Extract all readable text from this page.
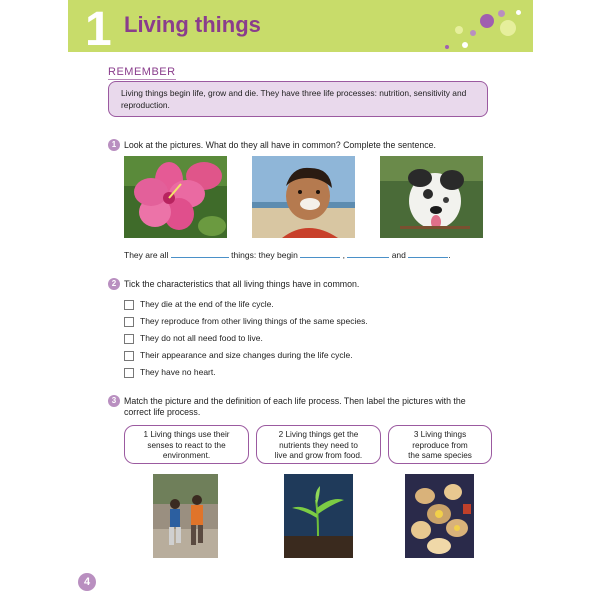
1 Living things
REMEMBER
Living things begin life, grow and die. They have three life processes: nutrition, sensitivity and reproduction.
1 Look at the pictures. What do they all have in common? Complete the sentence.
They are all	things: they begin	,	and	.
2 Tick the characteristics that all living things have in common.
They die at the end of the life cycle.
They reproduce from other living things of the same species.
They do not all need food to live.
Their appearance and size changes during the life cycle.
They have no heart.
3 Match the picture and the definition of each life process. Then label the pictures with the
correct life process.
1 Living things use their
senses to react to the
environment.
2 Living things get the
nutrients they need to
live and grow from food.
3 Living things
reproduce from
the same species
4
